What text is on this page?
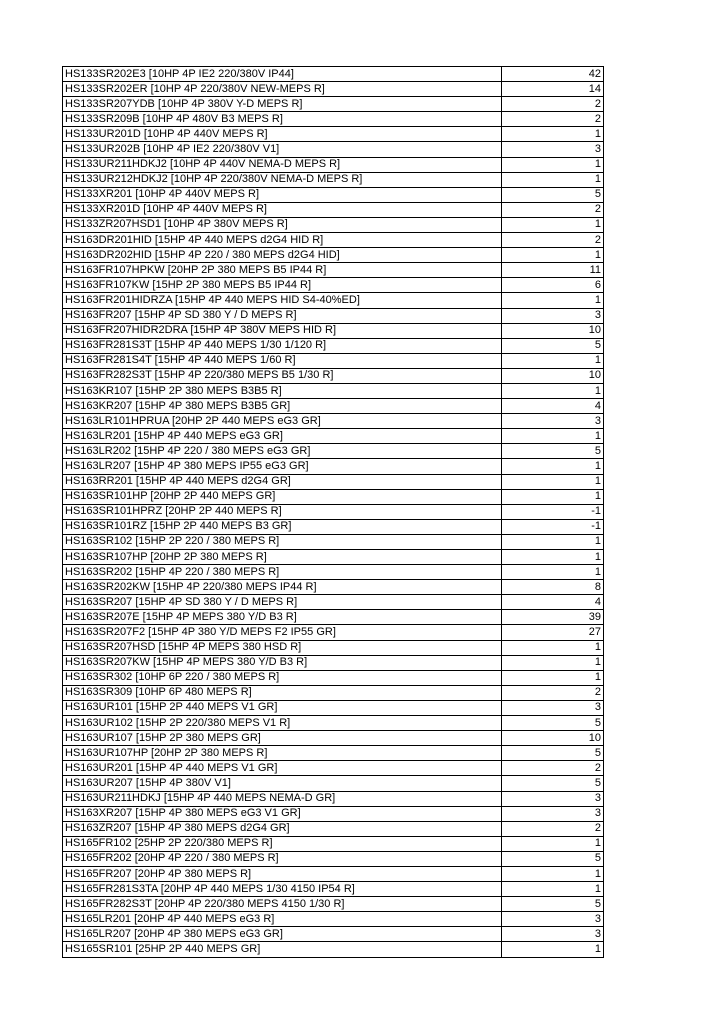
HS133SR202E3 [10HP 4P IE2 220/380V IP44]	42
HS133SR202ER [10HP 4P 220/380V NEW-MEPS R]	14
HS133SR207YDB [10HP 4P 380V Y-D MEPS R]	2
HS133SR209B [10HP 4P 480V B3 MEPS R]	2
HS133UR201D [10HP 4P 440V MEPS R]	1
HS133UR202B [10HP 4P IE2 220/380V V1]	3
HS133UR211HDKJ2 [10HP 4P 440V NEMA-D MEPS R]	1
HS133UR212HDKJ2 [10HP 4P 220/380V NEMA-D MEPS R]	1
HS133XR201 [10HP 4P 440V MEPS R]	5
HS133XR201D [10HP 4P 440V MEPS R]	2
HS133ZR207HSD1 [10HP 4P 380V MEPS R]	1
HS163DR201HID [15HP 4P 440 MEPS d2G4 HID R]	2
HS163DR202HID [15HP 4P 220 / 380 MEPS d2G4 HID]	1
HS163FR107HPKW [20HP 2P 380 MEPS B5 IP44 R]	11
HS163FR107KW [15HP 2P 380 MEPS B5 IP44 R]	6
HS163FR201HIDRZA [15HP 4P 440 MEPS HID S4-40%ED]	1
HS163FR207 [15HP 4P SD 380 Y / D MEPS R]	3
HS163FR207HIDR2DRA [15HP 4P 380V MEPS HID R]	10
HS163FR281S3T [15HP 4P 440 MEPS 1/30 1/120 R]	5
HS163FR281S4T [15HP 4P 440 MEPS 1/60 R]	1
HS163FR282S3T [15HP 4P 220/380 MEPS B5 1/30 R]	10
HS163KR107 [15HP 2P 380 MEPS B3B5 R]	1
HS163KR207 [15HP 4P 380 MEPS B3B5 GR]	4
HS163LR101HPRUA [20HP 2P 440 MEPS eG3 GR]	3
HS163LR201 [15HP 4P 440 MEPS eG3 GR]	1
HS163LR202 [15HP 4P 220 / 380 MEPS eG3 GR]	5
HS163LR207 [15HP 4P 380 MEPS IP55 eG3 GR]	1
HS163RR201 [15HP 4P 440 MEPS d2G4 GR]	1
HS163SR101HP [20HP 2P 440 MEPS GR]	1
HS163SR101HPRZ [20HP 2P 440 MEPS R]	-1
HS163SR101RZ [15HP 2P 440 MEPS B3 GR]	-1
HS163SR102 [15HP 2P 220 / 380 MEPS R]	1
HS163SR107HP [20HP 2P 380 MEPS R]	1
HS163SR202 [15HP 4P 220 / 380 MEPS R]	1
HS163SR202KW [15HP 4P 220/380 MEPS IP44 R]	8
HS163SR207 [15HP 4P SD 380 Y / D MEPS R]	4
HS163SR207E [15HP 4P MEPS 380 Y/D B3 R]	39
HS163SR207F2 [15HP 4P 380 Y/D MEPS F2 IP55 GR]	27
HS163SR207HSD [15HP 4P MEPS 380 HSD R]	1
HS163SR207KW [15HP 4P MEPS 380 Y/D B3 R]	1
HS163SR302 [10HP 6P 220 / 380 MEPS R]	1
HS163SR309 [10HP 6P 480 MEPS R]	2
HS163UR101 [15HP 2P 440 MEPS V1 GR]	3
HS163UR102 [15HP 2P 220/380 MEPS V1 R]	5
HS163UR107 [15HP 2P 380 MEPS GR]	10
HS163UR107HP [20HP 2P 380 MEPS R]	5
HS163UR201 [15HP 4P 440 MEPS V1 GR]	2
HS163UR207 [15HP 4P 380V V1]	5
HS163UR211HDKJ [15HP 4P 440 MEPS NEMA-D GR]	3
HS163XR207 [15HP 4P 380 MEPS eG3 V1 GR]	3
HS163ZR207 [15HP 4P 380 MEPS d2G4 GR]	2
HS165FR102 [25HP 2P 220/380 MEPS R]	1
HS165FR202 [20HP 4P 220 / 380 MEPS R]	5
HS165FR207 [20HP 4P 380 MEPS R]	1
HS165FR281S3TA [20HP 4P 440 MEPS 1/30 4150 IP54 R]	1
HS165FR282S3T [20HP 4P 220/380 MEPS 4150 1/30 R]	5
HS165LR201 [20HP 4P 440 MEPS eG3 R]	3
HS165LR207 [20HP 4P 380 MEPS eG3 GR]	3
HS165SR101 [25HP 2P 440 MEPS GR]	1
